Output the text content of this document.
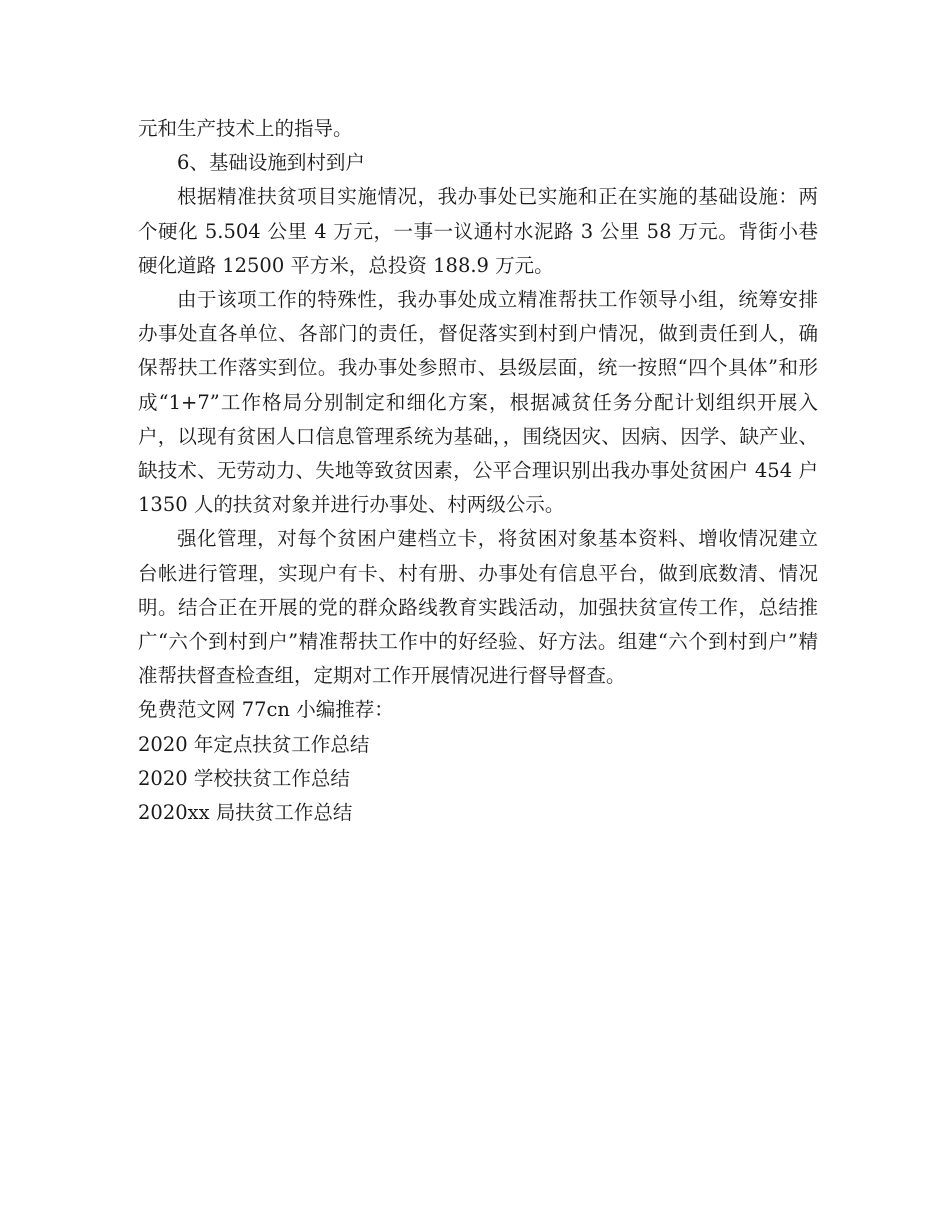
元和生产技术上的指导。

6、基础设施到村到户

根据精准扶贫项目实施情况，我办事处已实施和正在实施的基础设施：两个硬化 5.504 公里 4 万元，一事一议通村水泥路 3 公里 58 万元。背街小巷硬化道路 12500 平方米，总投资 188.9 万元。

由于该项工作的特殊性，我办事处成立精准帮扶工作领导小组，统筹安排办事处直各单位、各部门的责任，督促落实到村到户情况，做到责任到人，确保帮扶工作落实到位。我办事处参照市、县级层面，统一按照“四个具体”和形成“1+7”工作格局分别制定和细化方案，根据减贫任务分配计划组织开展入户，以现有贫困人口信息管理系统为基础，，围绕因灾、因病、因学、缺产业、缺技术、无劳动力、失地等致贫因素，公平合理识别出我办事处贫困户 454 户 1350 人的扶贫对象并进行办事处、村两级公示。

强化管理，对每个贫困户建档立卡，将贫困对象基本资料、增收情况建立台帐进行管理，实现户有卡、村有册、办事处有信息平台，做到底数清、情况明。结合正在开展的党的群众路线教育实践活动，加强扶贫宣传工作，总结推广“六个到村到户”精准帮扶工作中的好经验、好方法。组建“六个到村到户”精准帮扶督查检查组，定期对工作开展情况进行督导督查。

免费范文网 77cn 小编推荐：

2020 年定点扶贫工作总结

2020 学校扶贫工作总结

2020xx 局扶贫工作总结
